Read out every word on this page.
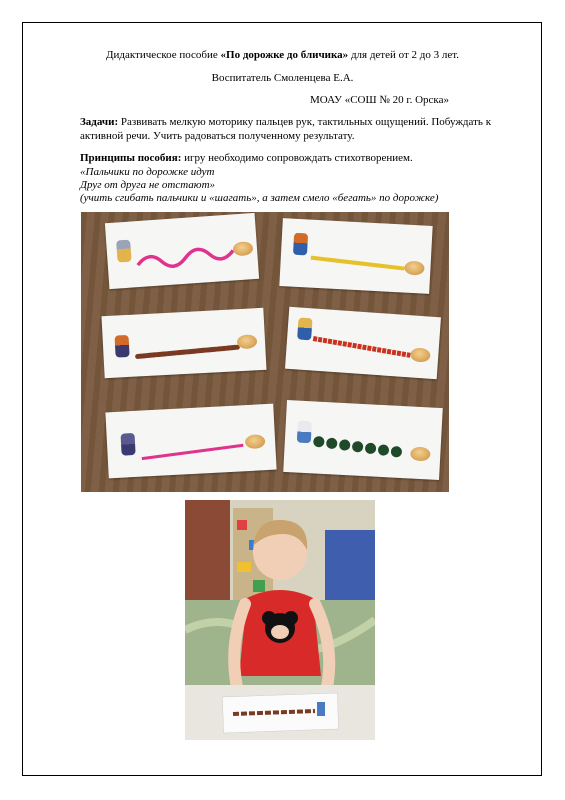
Дидактическое пособие «По дорожке до бличика» для детей от 2 до 3 лет.
Воспитатель Смоленцева Е.А.
МОАУ «СОШ № 20 г. Орска»
Задачи: Развивать мелкую моторику пальцев рук, тактильных ощущений. Побуждать к активной речи. Учить радоваться полученному результату.
Принципы пособия: игру необходимо сопровождать стихотворением.
«Пальчики по дорожке идут
Друг от друга не отстают»
(учить сгибать пальчики и «шагать», а затем смело «бегать» по дорожке)
